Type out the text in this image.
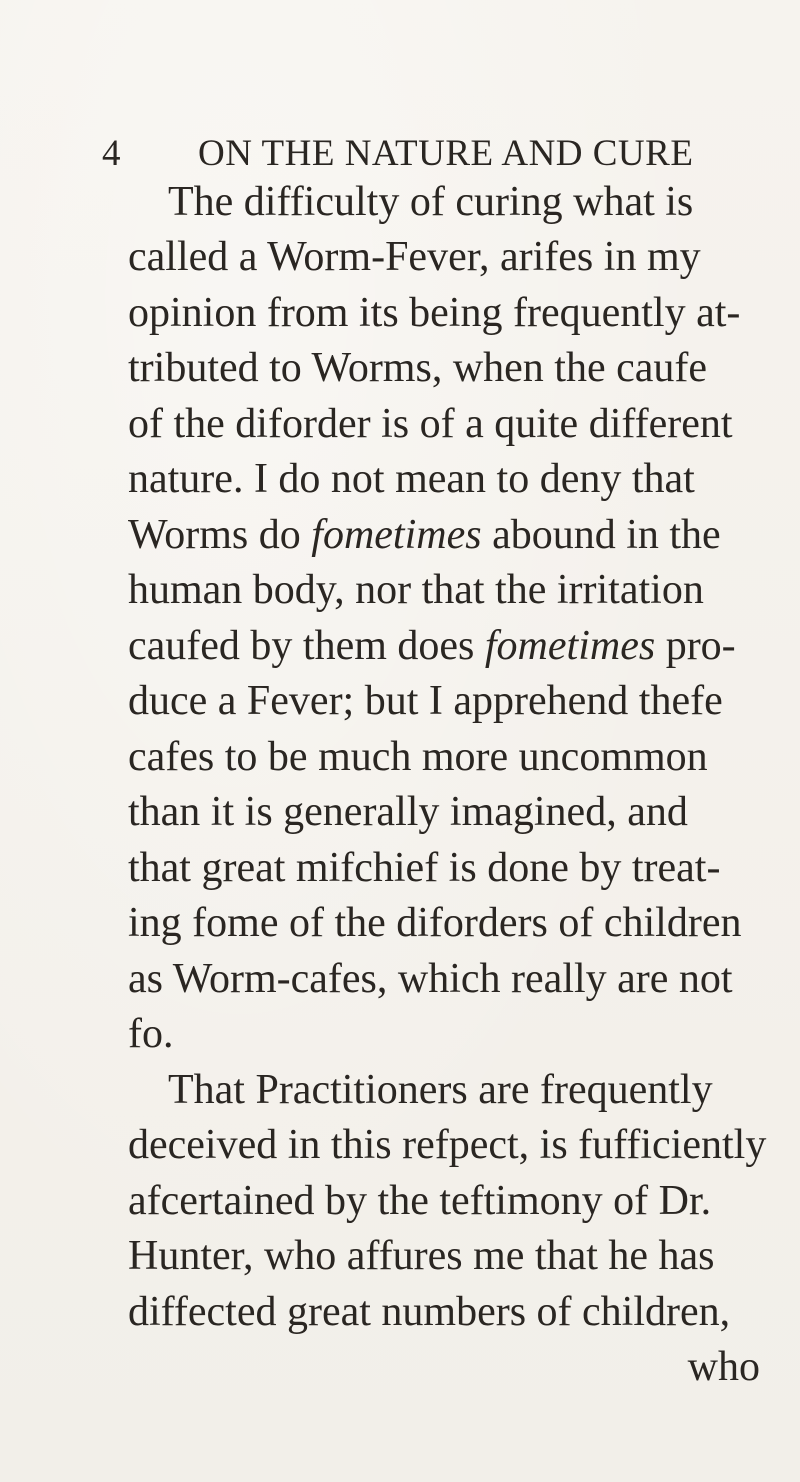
4 ON THE NATURE AND CURE
The difficulty of curing what is
called a Worm-Fever, arifes in my
opinion from its being frequently at-
tributed to Worms, when the caufe
of the diforder is of a quite different
nature. I do not mean to deny that
Worms do fometimes abound in the
human body, nor that the irritation
caufed by them does fometimes pro-
duce a Fever; but I apprehend thefe
cafes to be much more uncommon
than it is generally imagined, and
that great mifchief is done by treat-
ing fome of the diforders of children
as Worm-cafes, which really are not
fo.
That Practitioners are frequently
deceived in this refpect, is fufficiently
afcertained by the teftimony of Dr.
Hunter, who affures me that he has
diffected great numbers of children,
who
